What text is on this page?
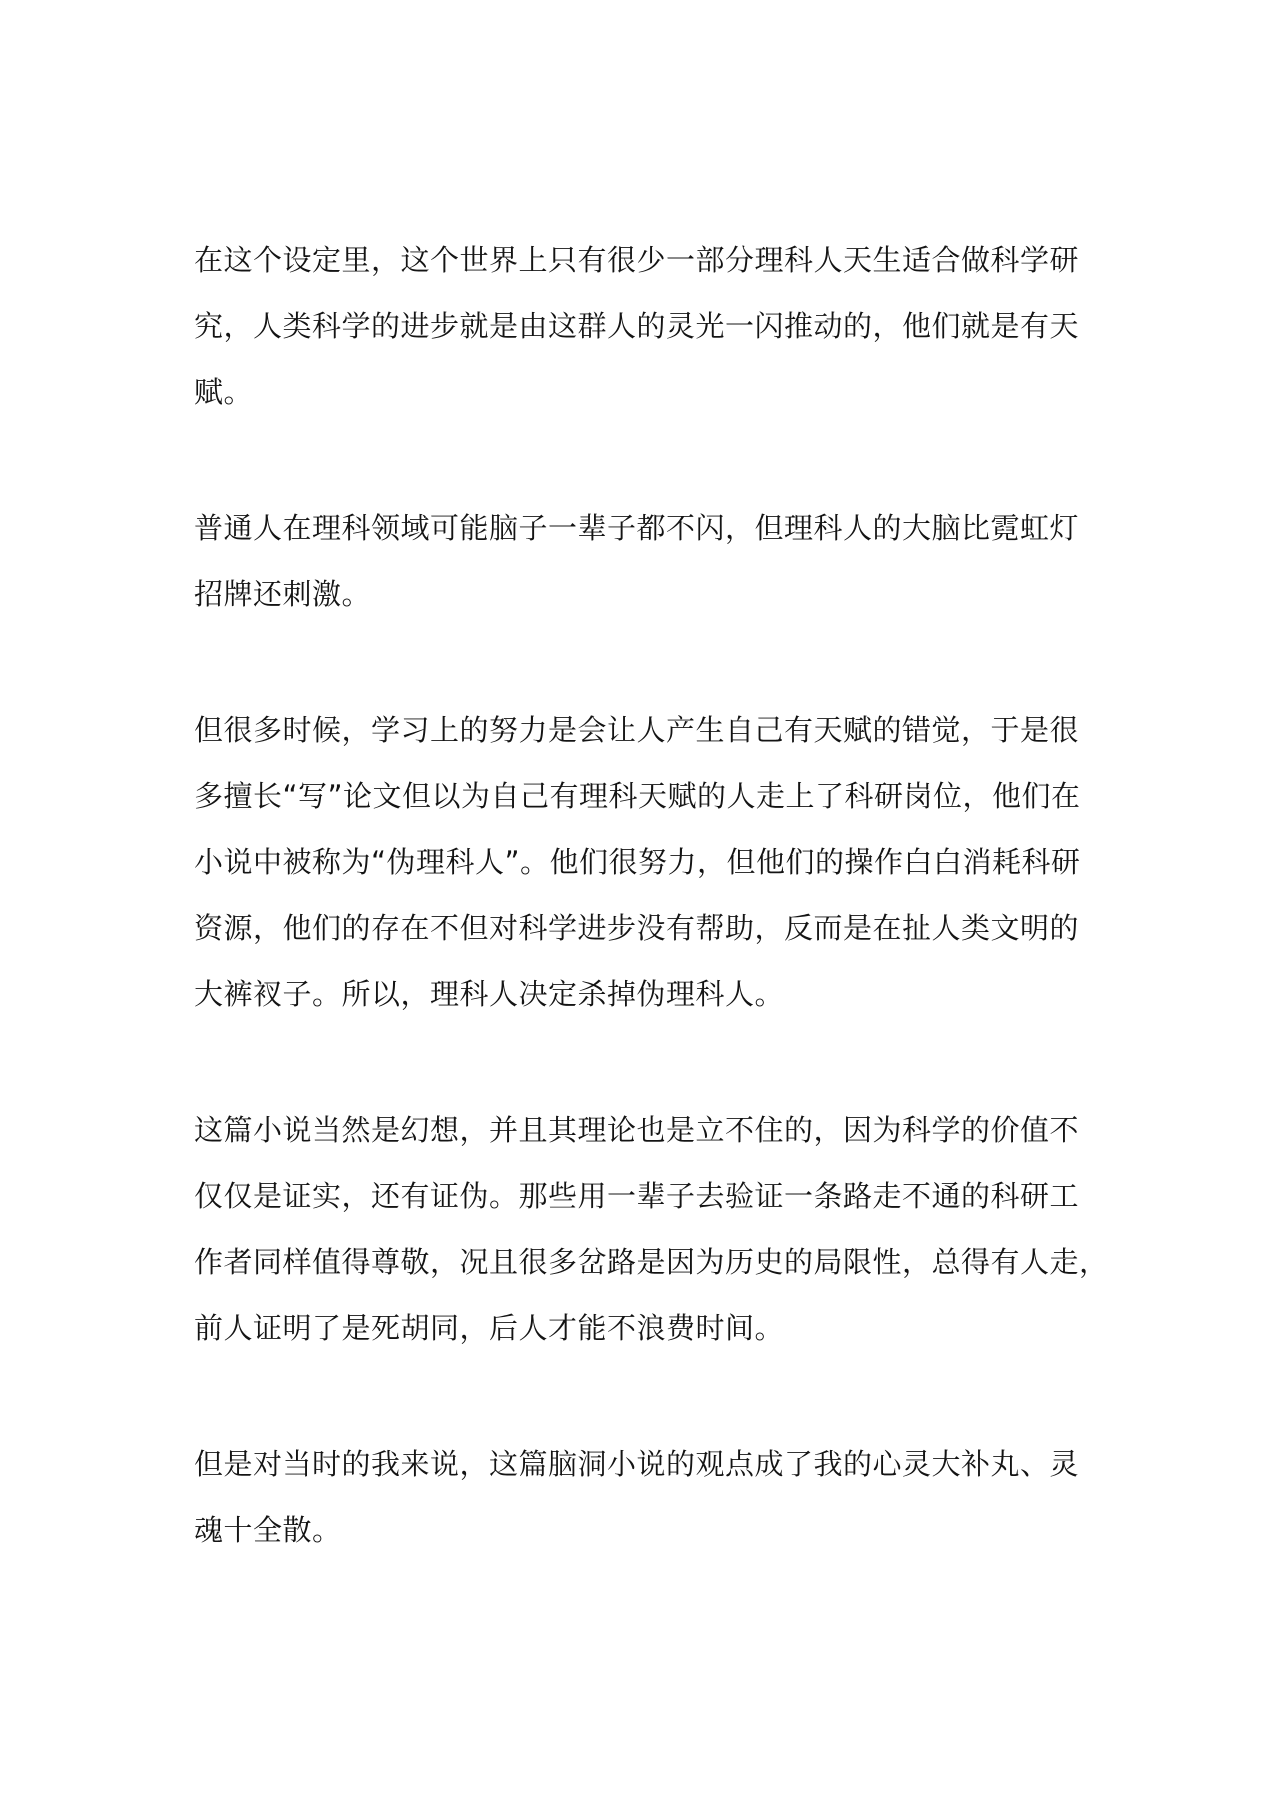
在这个设定里，这个世界上只有很少一部分理科人天生适合做科学研
究，人类科学的进步就是由这群人的灵光一闪推动的，他们就是有天
赋。

普通人在理科领域可能脑子一辈子都不闪，但理科人的大脑比霓虹灯
招牌还刺激。

但很多时候，学习上的努力是会让人产生自己有天赋的错觉，于是很
多擅长“写”论文但以为自己有理科天赋的人走上了科研岗位，他们在
小说中被称为“伪理科人”。他们很努力，但他们的操作白白消耗科研
资源，他们的存在不但对科学进步没有帮助，反而是在扯人类文明的
大裤衩子。所以，理科人决定杀掉伪理科人。

这篇小说当然是幻想，并且其理论也是立不住的，因为科学的价值不
仅仅是证实，还有证伪。那些用一辈子去验证一条路走不通的科研工
作者同样值得尊敬，况且很多岔路是因为历史的局限性，总得有人走，
前人证明了是死胡同，后人才能不浪费时间。

但是对当时的我来说，这篇脑洞小说的观点成了我的心灵大补丸、灵
魂十全散。
